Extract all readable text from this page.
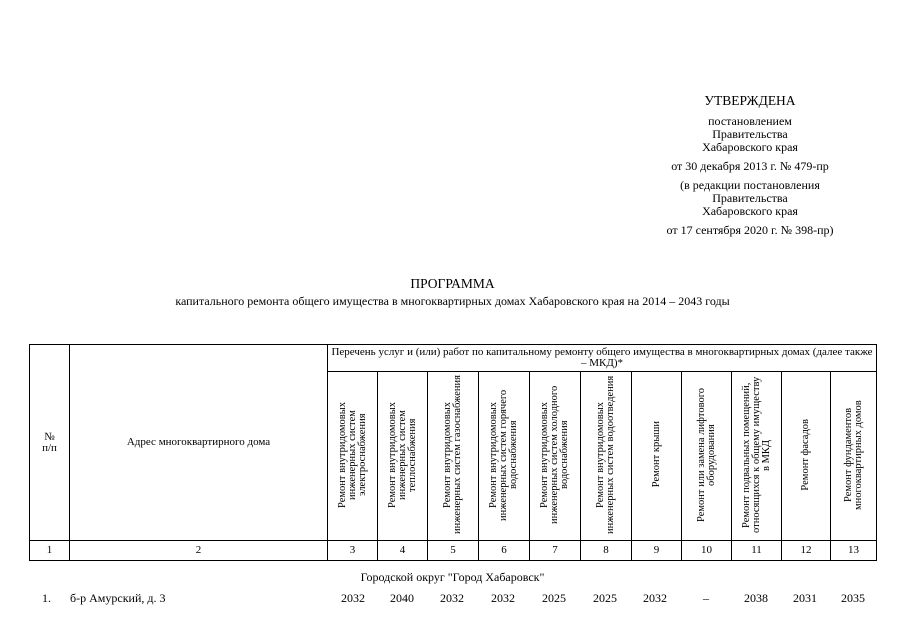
УТВЕРЖДЕНА
постановлением
Правительства
Хабаровского края
от 30 декабря 2013 г. № 479-пр
(в редакции постановления
Правительства
Хабаровского края
от 17 сентября 2020 г. № 398-пр)
ПРОГРАММА
капитального ремонта общего имущества в многоквартирных домах Хабаровского края на 2014 – 2043 годы
№
п/п	Адрес многоквартирного дома	Перечень услуг и (или) работ по капитальному ремонту общего имущества в многоквартирных домах (далее также – МКД)*										
		Ремонт внутридомовых инженерных систем электроснабжения	Ремонт внутридомовых инженерных систем теплоснабжения	Ремонт внутридомовых инженерных систем газоснабжения	Ремонт внутридомовых инженерных систем горячего водоснабжения	Ремонт внутридомовых инженерных систем холодного водоснабжения	Ремонт внутридомовых инженерных систем водоотведения	Ремонт крыши	Ремонт или замена лифтового оборудования	Ремонт подвальных помещений, относящихся к общему имуществу в МКД	Ремонт фасадов	Ремонт фундаментов многоквартирных домов
1	2	3	4	5	6	7	8	9	10	11	12	13
Городской округ "Город Хабаровск"
1. б-р Амурский, д. 3	2032	2040	2032	2032	2025	2025	2032	–	2038	2031	2035
